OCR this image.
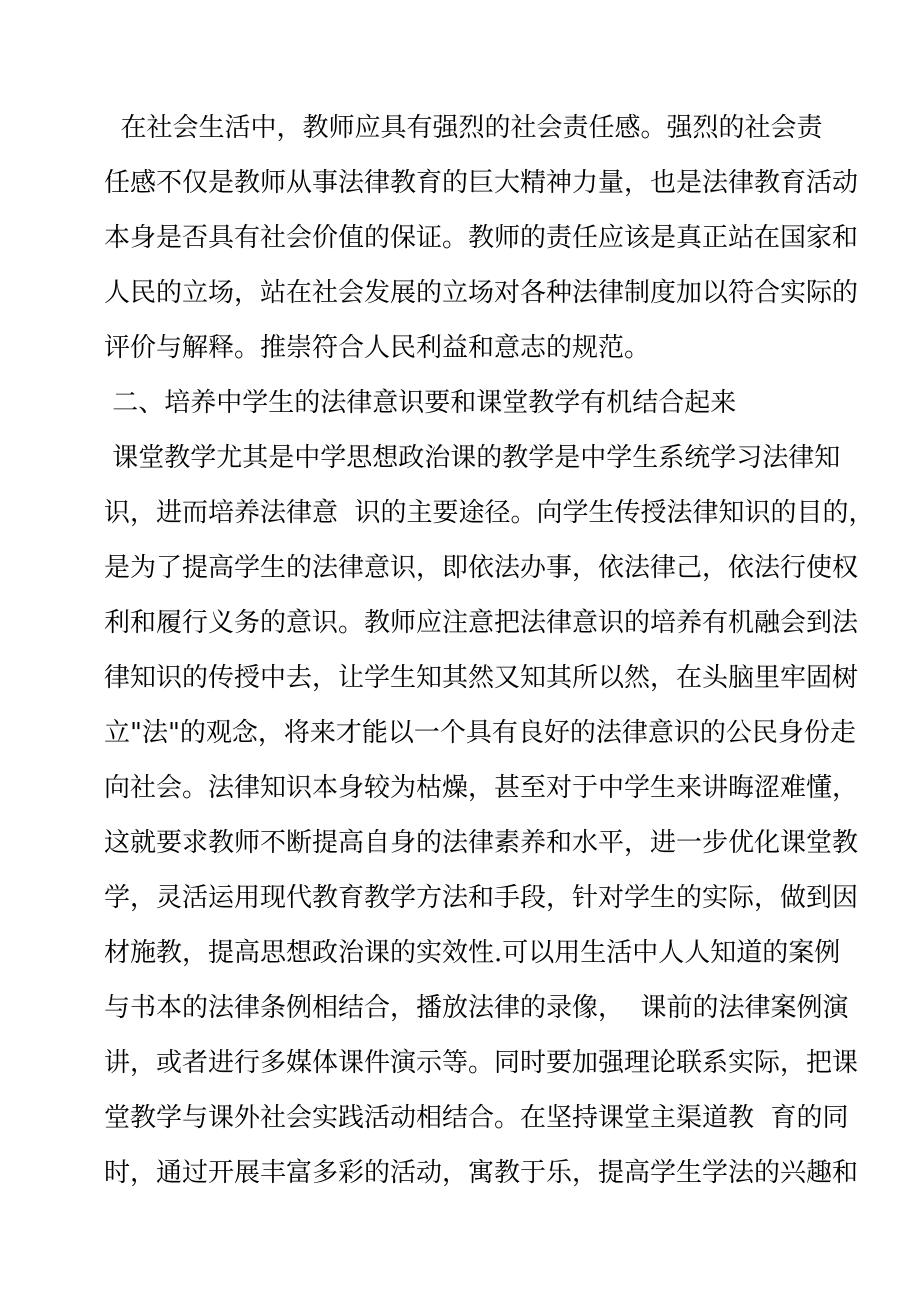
在社会生活中，教师应具有强烈的社会责任感。强烈的社会责
任感不仅是教师从事法律教育的巨大精神力量，也是法律教育活动
本身是否具有社会价值的保证。教师的责任应该是真正站在国家和
人民的立场，站在社会发展的立场对各种法律制度加以符合实际的
评价与解释。推崇符合人民利益和意志的规范。
二、培养中学生的法律意识要和课堂教学有机结合起来
课堂教学尤其是中学思想政治课的教学是中学生系统学习法律知
识，进而培养法律意  识的主要途径。向学生传授法律知识的目的，
是为了提高学生的法律意识，即依法办事，依法律己，依法行使权
利和履行义务的意识。教师应注意把法律意识的培养有机融会到法
律知识的传授中去，让学生知其然又知其所以然，在头脑里牢固树
立"法"的观念，将来才能以一个具有良好的法律意识的公民身份走
向社会。法律知识本身较为枯燥，甚至对于中学生来讲晦涩难懂，
这就要求教师不断提高自身的法律素养和水平，进一步优化课堂教
学，灵活运用现代教育教学方法和手段，针对学生的实际，做到因
材施教，提高思想政治课的实效性.可以用生活中人人知道的案例
与书本的法律条例相结合，播放法律的录像，  课前的法律案例演
讲，或者进行多媒体课件演示等。同时要加强理论联系实际，把课
堂教学与课外社会实践活动相结合。在坚持课堂主渠道教  育的同
时，通过开展丰富多彩的活动，寓教于乐，提高学生学法的兴趣和
